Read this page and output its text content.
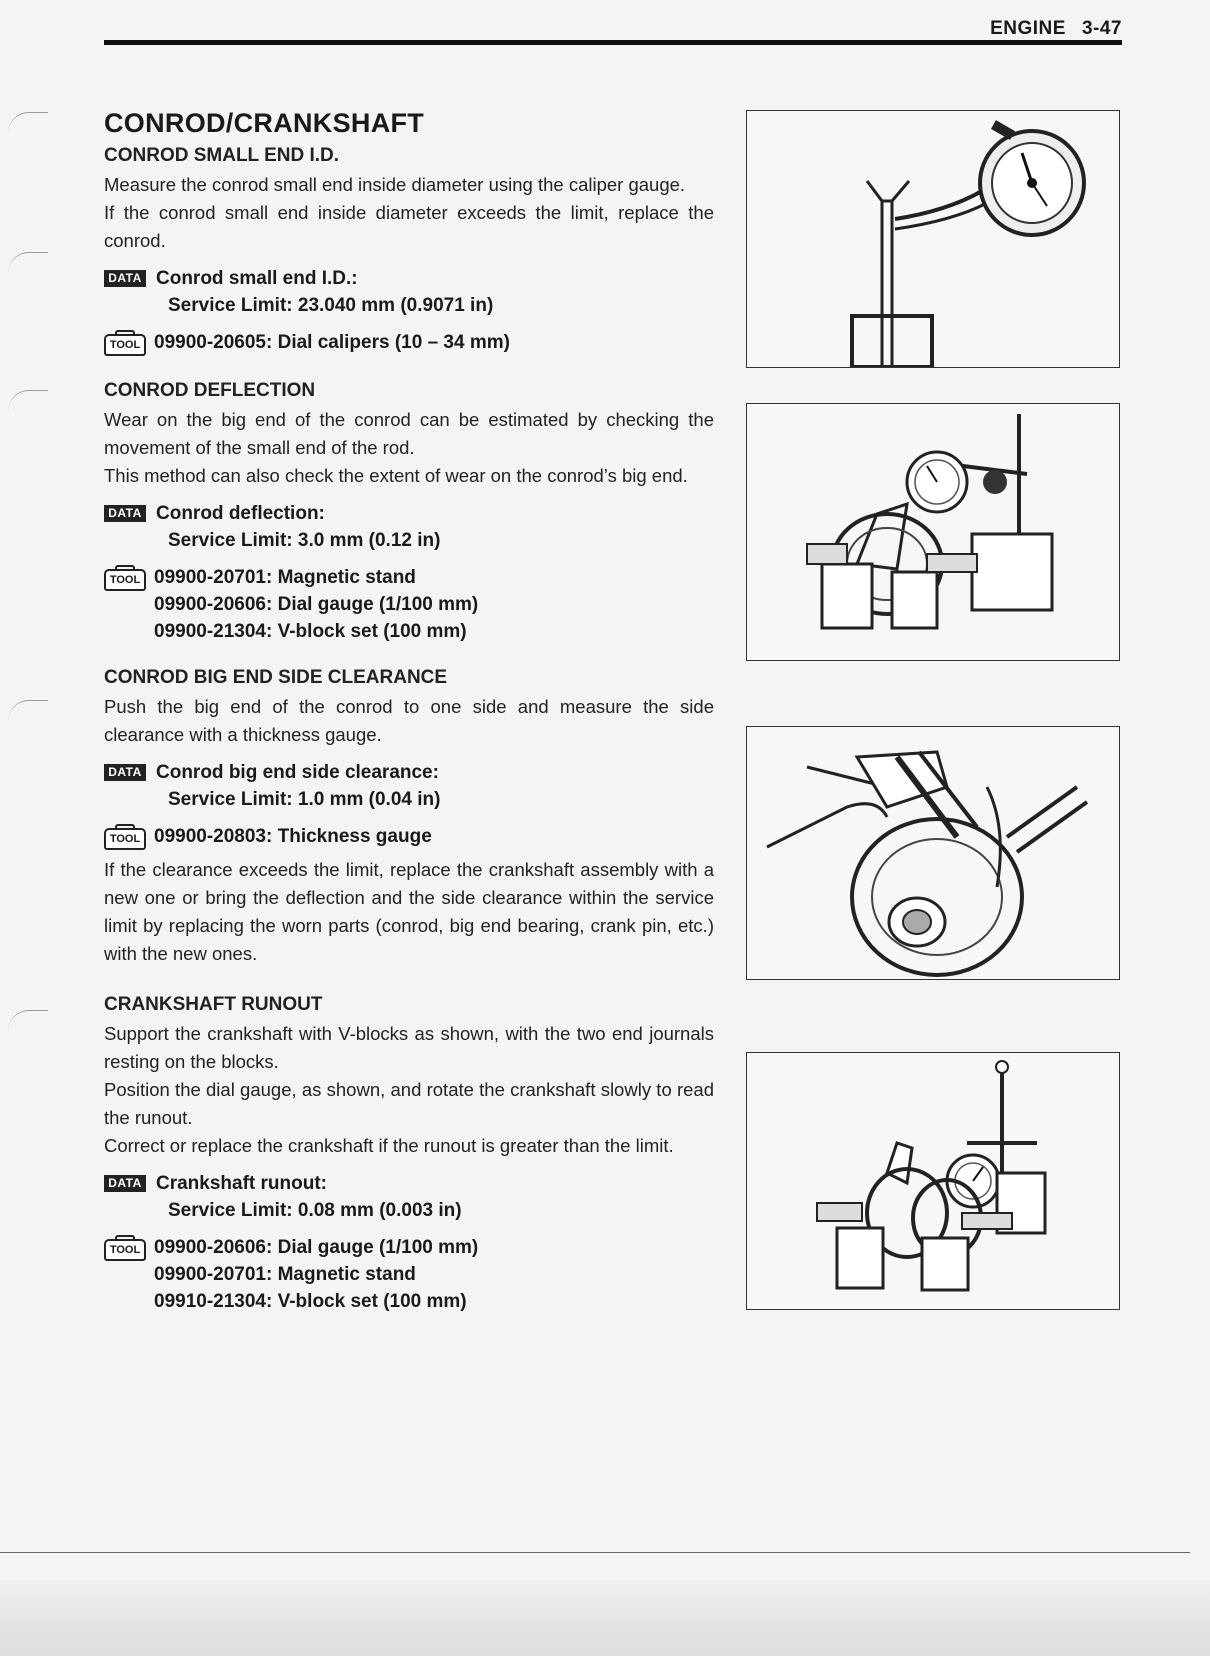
ENGINE 3-47
CONROD/CRANKSHAFT
CONROD SMALL END I.D.

Measure the conrod small end inside diameter using the caliper gauge.

If the conrod small end inside diameter exceeds the limit, replace the conrod.

DATA Conrod small end I.D.:
Service Limit: 23.040 mm (0.9071 in)
TOOL 09900-20605: Dial calipers (10 – 34 mm)
CONROD DEFLECTION

Wear on the big end of the conrod can be estimated by checking the movement of the small end of the rod.

This method can also check the extent of wear on the conrod’s big end.

DATA Conrod deflection:
Service Limit: 3.0 mm (0.12 in)
TOOL 09900-20701: Magnetic stand
09900-20606: Dial gauge (1/100 mm)
09900-21304: V-block set (100 mm)
CONROD BIG END SIDE CLEARANCE

Push the big end of the conrod to one side and measure the side clearance with a thickness gauge.

DATA Conrod big end side clearance:
Service Limit: 1.0 mm (0.04 in)
TOOL 09900-20803: Thickness gauge

If the clearance exceeds the limit, replace the crankshaft assembly with a new one or bring the deflection and the side clearance within the service limit by replacing the worn parts (conrod, big end bearing, crank pin, etc.) with the new ones.

CRANKSHAFT RUNOUT

Support the crankshaft with V-blocks as shown, with the two end journals resting on the blocks.

Position the dial gauge, as shown, and rotate the crankshaft slowly to read the runout.

Correct or replace the crankshaft if the runout is greater than the limit.

DATA Crankshaft runout:
Service Limit: 0.08 mm (0.003 in)
TOOL 09900-20606: Dial gauge (1/100 mm)
09900-20701: Magnetic stand
09910-21304: V-block set (100 mm)
